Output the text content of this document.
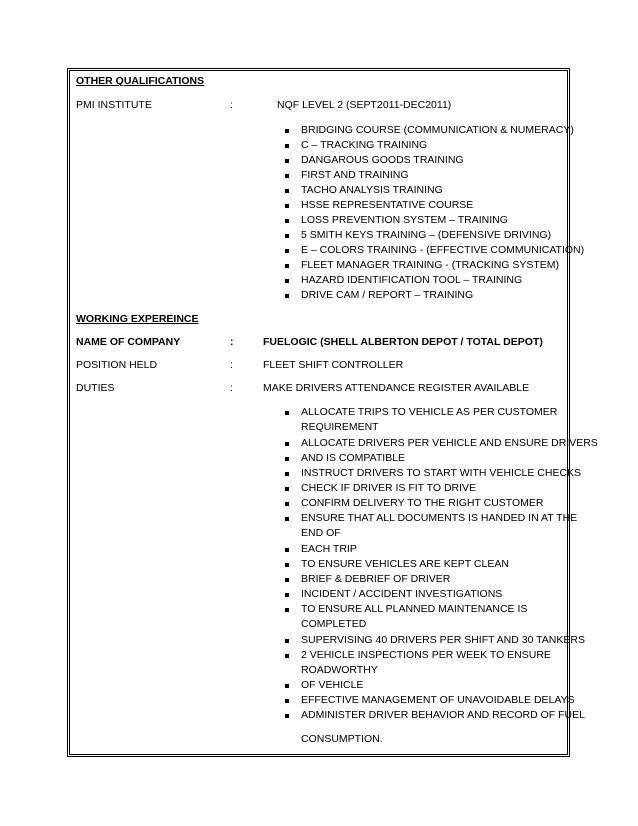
OTHER QUALIFICATIONS
PMI INSTITUTE	:	NQF LEVEL 2 (SEPT2011-DEC2011)
BRIDGING COURSE (COMMUNICATION & NUMERACY)
C – TRACKING TRAINING
DANGAROUS GOODS TRAINING
FIRST AND TRAINING
TACHO ANALYSIS TRAINING
HSSE REPRESENTATIVE COURSE
LOSS PREVENTION SYSTEM – TRAINING
5 SMITH KEYS TRAINING – (DEFENSIVE DRIVING)
E – COLORS TRAINING - (EFFECTIVE COMMUNICATION)
FLEET MANAGER TRAINING - (TRACKING SYSTEM)
HAZARD IDENTIFICATION TOOL – TRAINING
DRIVE CAM / REPORT – TRAINING
WORKING EXPEREINCE
NAME OF COMPANY	:	FUELOGIC (SHELL ALBERTON DEPOT / TOTAL DEPOT)
POSITION HELD	:	FLEET SHIFT CONTROLLER
DUTIES	:	MAKE DRIVERS ATTENDANCE REGISTER AVAILABLE
ALLOCATE TRIPS TO VEHICLE AS PER CUSTOMER
REQUIREMENT
ALLOCATE DRIVERS PER VEHICLE AND ENSURE DRIVERS
AND IS COMPATIBLE
INSTRUCT DRIVERS TO START WITH VEHICLE CHECKS
CHECK IF DRIVER IS FIT TO DRIVE
CONFIRM DELIVERY TO THE RIGHT CUSTOMER
ENSURE THAT ALL DOCUMENTS IS HANDED IN AT THE
END OF
EACH TRIP
TO ENSURE VEHICLES ARE KEPT CLEAN
BRIEF & DEBRIEF OF DRIVER
INCIDENT / ACCIDENT INVESTIGATIONS
TO ENSURE ALL PLANNED MAINTENANCE IS
COMPLETED
SUPERVISING 40 DRIVERS PER SHIFT AND 30 TANKERS
2 VEHICLE INSPECTIONS PER WEEK TO ENSURE
ROADWORTHY
OF VEHICLE
EFFECTIVE MANAGEMENT OF UNAVOIDABLE DELAYS
ADMINISTER DRIVER BEHAVIOR AND RECORD OF FUEL
CONSUMPTION.
